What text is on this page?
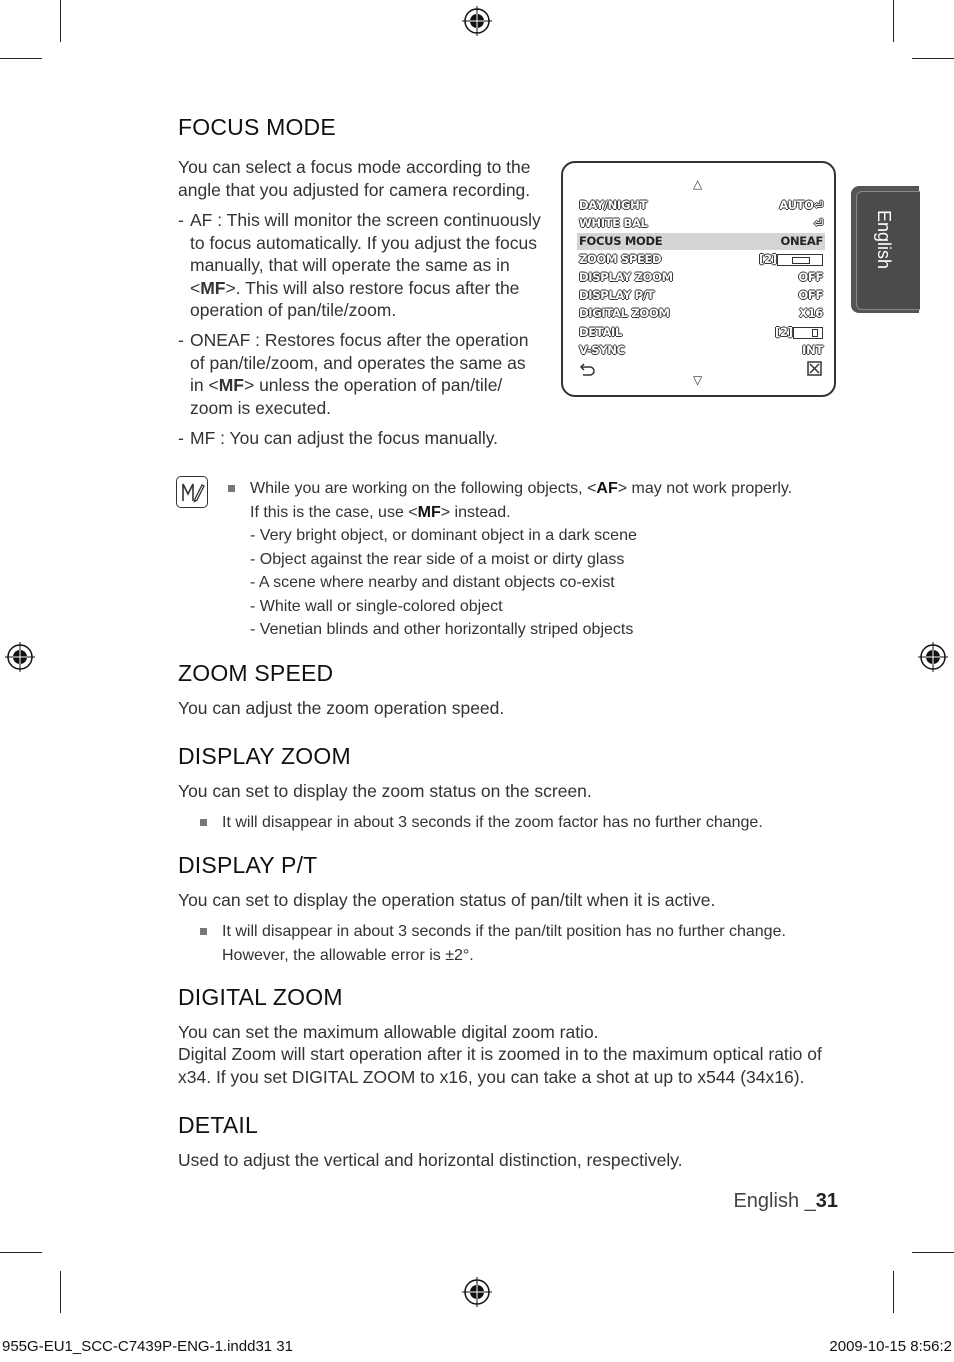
English
FOCUS MODE

You can select a focus mode according to the angle that you adjusted for camera recording.

- AF : This will monitor the screen continuously to focus automatically. If you adjust the focus manually, that will operate the same as in <MF>. This will also restore focus after the operation of pan/tile/zoom.
- ONEAF : Restores focus after the operation of pan/tile/zoom, and operates the same as in <MF> unless the operation of pan/tile/ zoom is executed.
- MF : You can adjust the focus manually.
△
DAY/NIGHT	AUTO⏎
WHITE BAL	⏎
FOCUS MODE	ONEAF
ZOOM SPEED	[2]
DISPLAY ZOOM	OFF
DISPLAY P/T	OFF
DIGITAL ZOOM	X16
DETAIL	[2]
V-SYNC	INT
▽
While you are working on the following objects, <AF> may not work properly.
If this is the case, use <MF> instead.
- Very bright object, or dominant object in a dark scene
- Object against the rear side of a moist or dirty glass
- A scene where nearby and distant objects co-exist
- White wall or single-colored object
- Venetian blinds and other horizontally striped objects
ZOOM SPEED

You can adjust the zoom operation speed.

DISPLAY ZOOM

You can set to display the zoom status on the screen.

It will disappear in about 3 seconds if the zoom factor has no further change.
DISPLAY P/T

You can set to display the operation status of pan/tilt when it is active.

It will disappear in about 3 seconds if the pan/tilt position has no further change.
However, the allowable error is ±2°.
DIGITAL ZOOM

You can set the maximum allowable digital zoom ratio.

Digital Zoom will start operation after it is zoomed in to the maximum optical ratio of x34. If you set DIGITAL ZOOM to x16, you can take a shot at up to x544 (34x16).

DETAIL

Used to adjust the vertical and horizontal distinction, respectively.

English _31
955G-EU1_SCC-C7439P-ENG-1.indd31 31	2009-10-15 8:56:2
